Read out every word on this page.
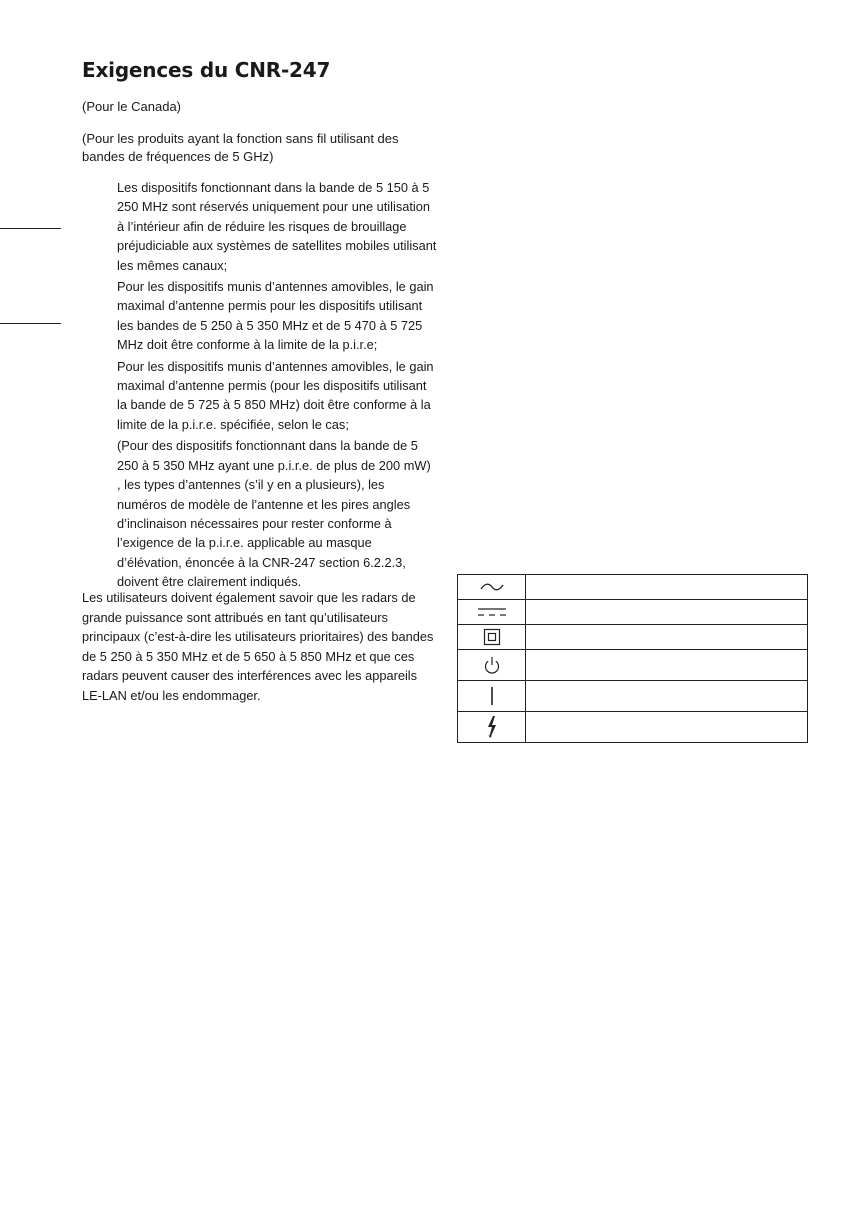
Exigences du CNR-247

(Pour le Canada)

(Pour les produits ayant la fonction sans fil utilisant des bandes de fréquences de 5 GHz)

Les dispositifs fonctionnant dans la bande de 5 150 à 5 250 MHz sont réservés uniquement pour une utilisation à l’intérieur afin de réduire les risques de brouillage préjudiciable aux systèmes de satellites mobiles utilisant les mêmes canaux;

Pour les dispositifs munis d’antennes amovibles, le gain maximal d’antenne permis pour les dispositifs utilisant les bandes de 5 250 à 5 350 MHz et de 5 470 à 5 725 MHz doit être conforme à la limite de la p.i.r.e;

Pour les dispositifs munis d’antennes amovibles, le gain maximal d’antenne permis (pour les dispositifs utilisant la bande de 5 725 à 5 850 MHz) doit être conforme à la limite de la p.i.r.e. spécifiée, selon le cas;

(Pour des dispositifs fonctionnant dans la bande de 5 250 à 5 350 MHz ayant une p.i.r.e. de plus de 200 mW) , les types d’antennes (s’il y en a plusieurs), les numéros de modèle de l’antenne et les pires angles d’inclinaison nécessaires pour rester conforme à l’exigence de la p.i.r.e. applicable au masque d’élévation, énoncée à la CNR-247 section 6.2.2.3, doivent être clairement indiqués.

Les utilisateurs doivent également savoir que les radars de grande puissance sont attribués en tant qu’utilisateurs principaux (c’est-à-dire les utilisateurs prioritaires) des bandes de 5 250 à 5 350 MHz et de 5 650 à 5 850 MHz et que ces radars peuvent causer des interférences avec les appareils LE-LAN et/ou les endommager.
